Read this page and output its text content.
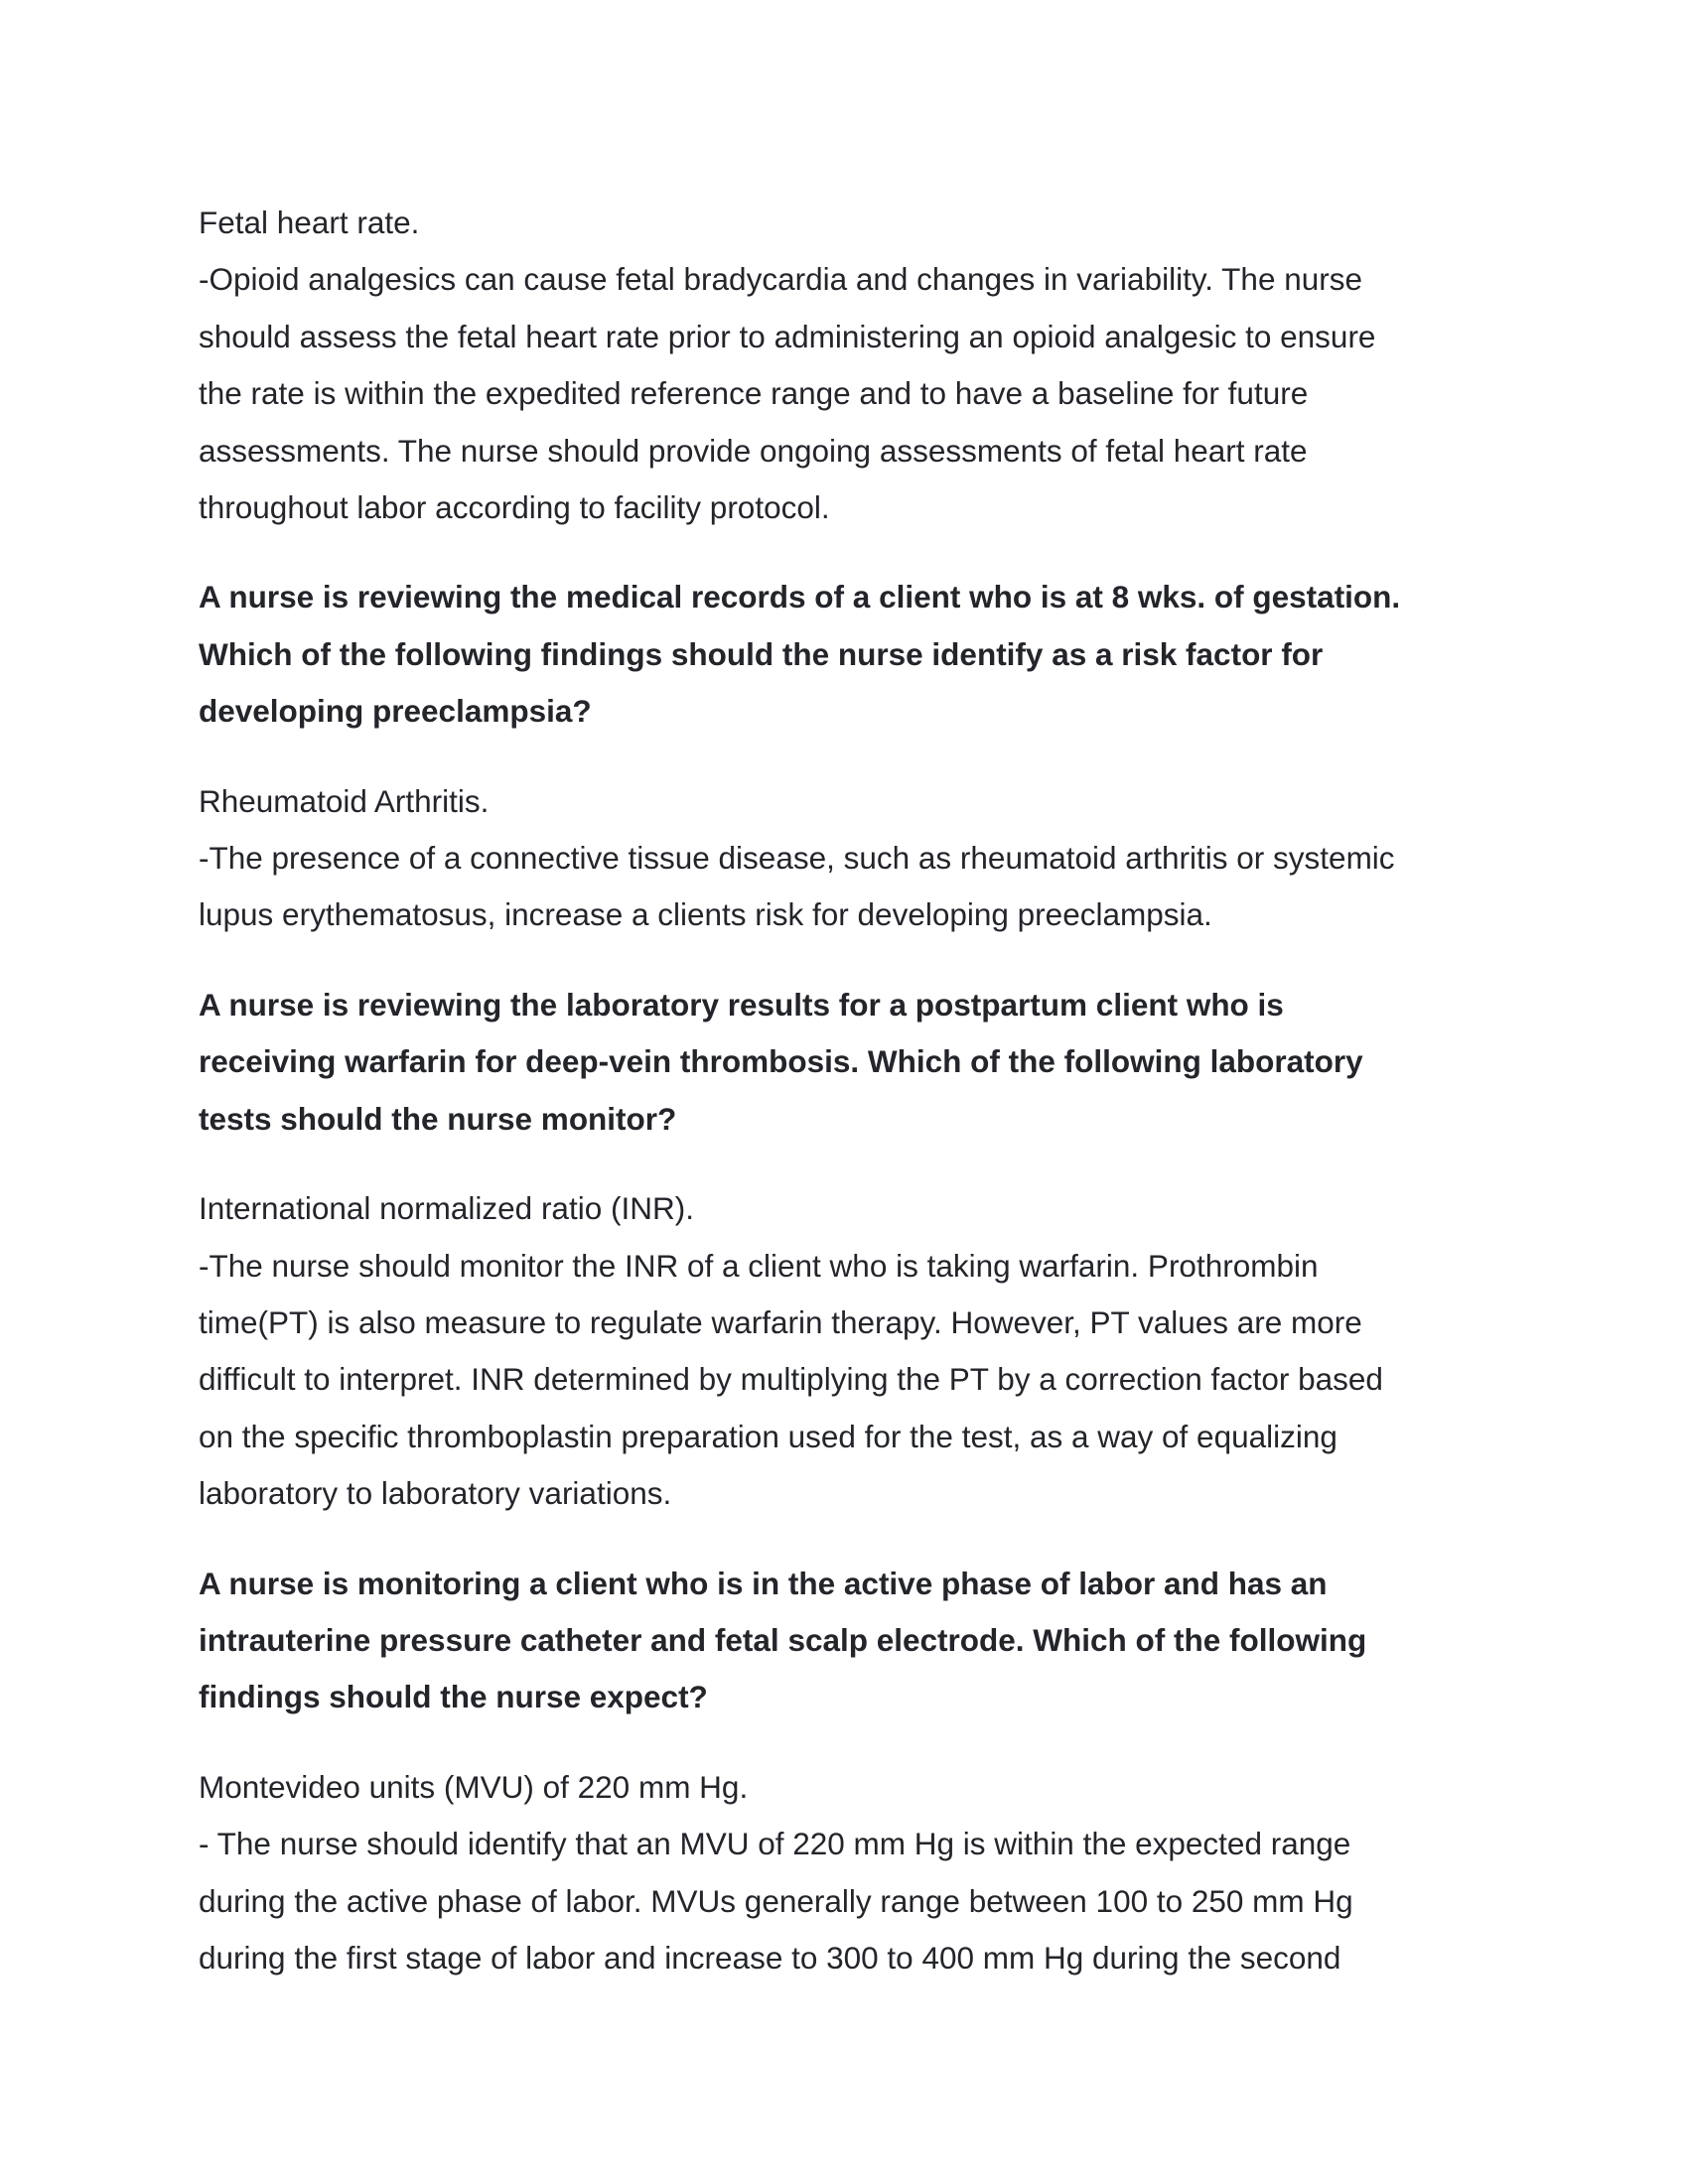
Fetal heart rate.
-Opioid analgesics can cause fetal bradycardia and changes in variability. The nurse
should assess the fetal heart rate prior to administering an opioid analgesic to ensure
the rate is within the expedited reference range and to have a baseline for future
assessments. The nurse should provide ongoing assessments of fetal heart rate
throughout labor according to facility protocol.
A nurse is reviewing the medical records of a client who is at 8 wks. of gestation.
Which of the following findings should the nurse identify as a risk factor for
developing preeclampsia?
Rheumatoid Arthritis.
-The presence of a connective tissue disease, such as rheumatoid arthritis or systemic
lupus erythematosus, increase a clients risk for developing preeclampsia.
A nurse is reviewing the laboratory results for a postpartum client who is
receiving warfarin for deep-vein thrombosis. Which of the following laboratory
tests should the nurse monitor?
International normalized ratio (INR).
-The nurse should monitor the INR of a client who is taking warfarin. Prothrombin
time(PT) is also measure to regulate warfarin therapy. However, PT values are more
difficult to interpret. INR determined by multiplying the PT by a correction factor based
on the specific thromboplastin preparation used for the test, as a way of equalizing
laboratory to laboratory variations.
A nurse is monitoring a client who is in the active phase of labor and has an
intrauterine pressure catheter and fetal scalp electrode. Which of the following
findings should the nurse expect?
Montevideo units (MVU) of 220 mm Hg.
- The nurse should identify that an MVU of 220 mm Hg is within the expected range
during the active phase of labor. MVUs generally range between 100 to 250 mm Hg
during the first stage of labor and increase to 300 to 400 mm Hg during the second
